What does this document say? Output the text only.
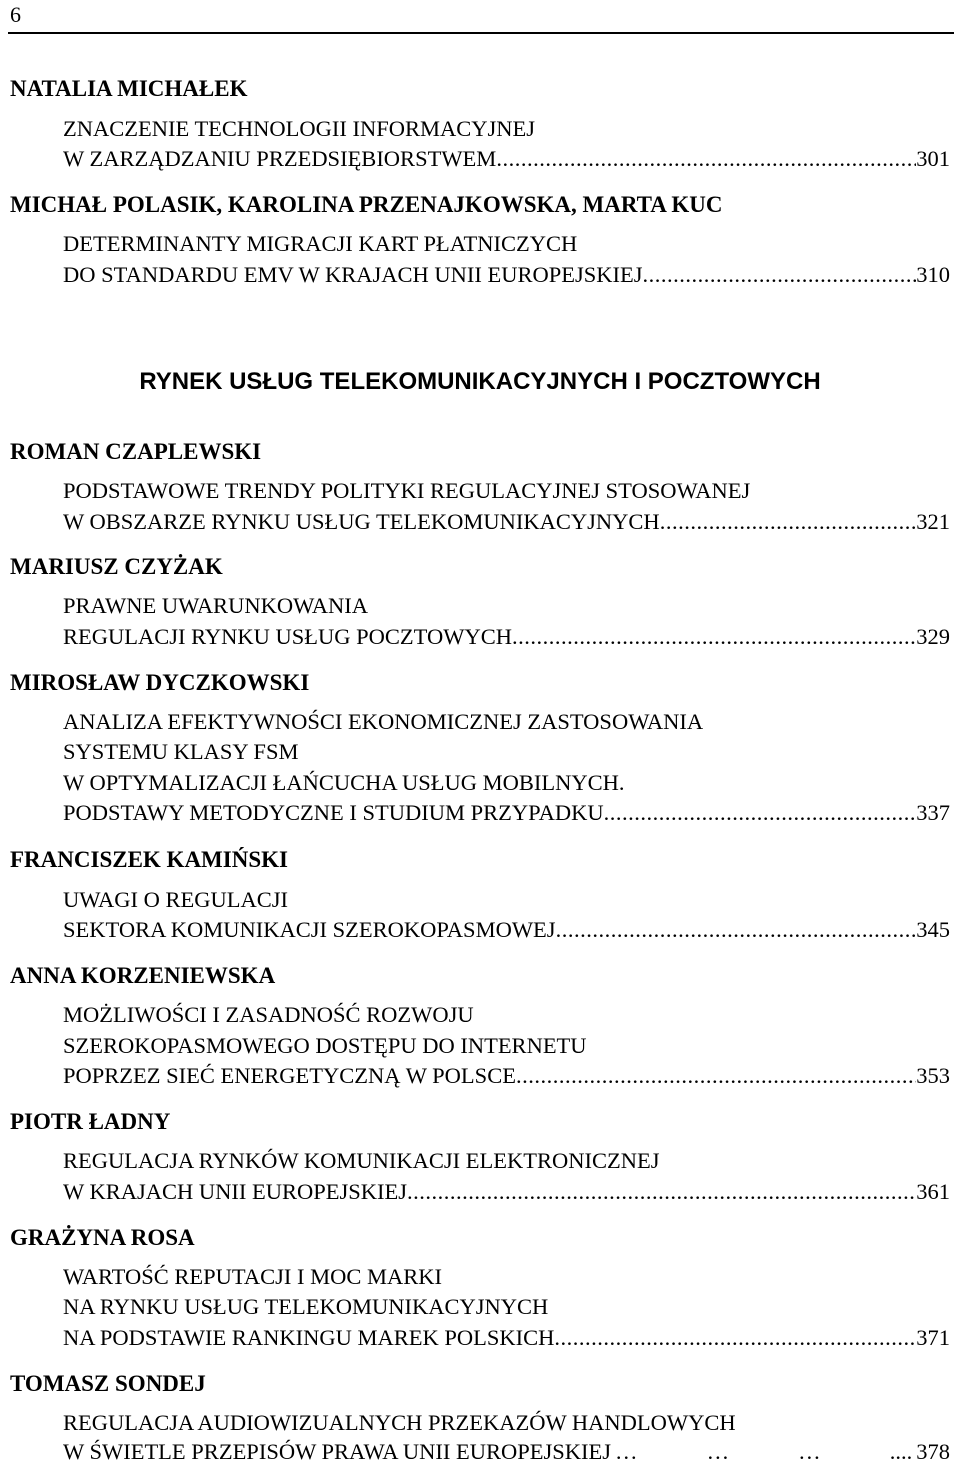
6
NATALIA MICHAŁEK
ZNACZENIE TECHNOLOGII INFORMACYJNEJ
W ZARZĄDZANIU PRZEDSIĘBIORSTWEM .....	301
MICHAŁ POLASIK, KAROLINA PRZENAJKOWSKA, MARTA KUC
DETERMINANTY MIGRACJI KART PŁATNICZYCH
DO STANDARDU EMV W KRAJACH UNII EUROPEJSKIEJ .....	310
RYNEK USŁUG TELEKOMUNIKACYJNYCH I POCZTOWYCH
ROMAN CZAPLEWSKI
PODSTAWOWE TRENDY POLITYKI REGULACYJNEJ STOSOWANEJ
W OBSZARZE RYNKU USŁUG TELEKOMUNIKACYJNYCH .....	321
MARIUSZ CZYŻAK
PRAWNE UWARUNKOWANIA
REGULACJI RYNKU USŁUG POCZTOWYCH .....	329
MIROSŁAW DYCZKOWSKI
ANALIZA EFEKTYWNOŚCI EKONOMICZNEJ ZASTOSOWANIA
SYSTEMU KLASY FSM
W OPTYMALIZACJI ŁAŃCUCHA USŁUG MOBILNYCH.
PODSTAWY METODYCZNE I STUDIUM PRZYPADKU .....	337
FRANCISZEK KAMIŃSKI
UWAGI O REGULACJI
SEKTORA KOMUNIKACJI SZEROKOPASMOWEJ .....	345
ANNA KORZENIEWSKA
MOŻLIWOŚCI I ZASADNOŚĆ ROZWOJU
SZEROKOPASMOWEGO DOSTĘPU DO INTERNETU
POPRZEZ SIEĆ ENERGETYCZNĄ W POLSCE .....	353
PIOTR ŁADNY
REGULACJA RYNKÓW KOMUNIKACJI ELEKTRONICZNEJ
W KRAJACH UNII EUROPEJSKIEJ .....	361
GRAŻYNA ROSA
WARTOŚĆ REPUTACJI I MOC MARKI
NA RYNKU USŁUG TELEKOMUNIKACYJNYCH
NA PODSTAWIE RANKINGU MAREK POLSKICH .....	371
TOMASZ SONDEJ
REGULACJA AUDIOWIZUALNYCH PRZEKAZÓW HANDLOWYCH
W ŚWIETLE PRZEPISÓW PRAWA UNII EUROPEJSKIEJ …	…	…	.... 378
